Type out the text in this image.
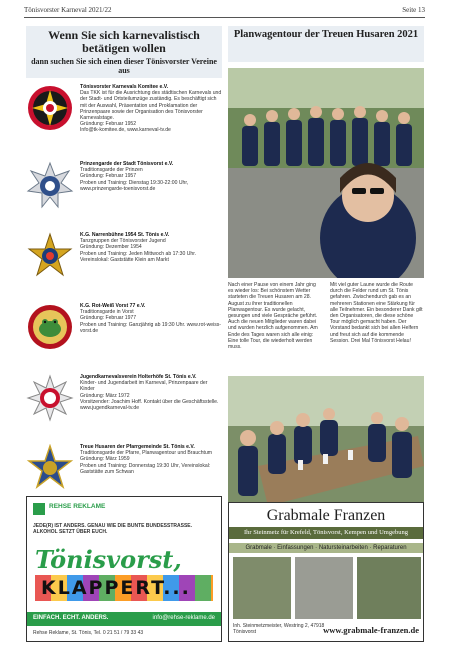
Tönisvorster Karneval 2021/22	Seite 13
Wenn Sie sich karnevalistisch betätigen wollen
dann suchen Sie sich einen dieser Tönisvorster Vereine aus
Tönisvorster Karnevals Komitee e.V.
Das TKK ist für die Ausrichtung des städtischen Karnevals und der Stadt- und Ortsteilumzüge zuständig. Es beschäftigt sich mit der Auswahl, Präsentation und Proklamation der Prinzenpaare sowie der Organisation des Tönisvorster Karnevalstage.
Gründung: Februar 1952
Info@tk-komitee.de, www.karneval-tv.de
Prinzengarde der Stadt Tönisvorst e.V.
Traditionsgarde der Prinzen
Gründung: Februar 1957
Proben und Training: Dienstag 19:30-22:00 Uhr, www.prinzengarde-toenisvorst.de
K.G. Narrenbühne 1954 St. Tönis e.V.
Tanzgruppen der Tönisvorster Jugend
Gründung: Dezember 1954
Proben und Training: Jeden Mittwoch ab 17:30 Uhr. Vereinslokal: Gaststätte Klein am Markt
K.G. Rot-Weiß Vorst 77 e.V.
Traditionsgarde in Vorst
Gründung: Februar 1977
Proben und Training: Ganzjährig ab 19:30 Uhr. www.rot-weiss-vorst.de
Jugendkarnevalsverein Holterhöfe St. Tönis e.V.
Kinder- und Jugendarbeit im Karneval, Prinzenpaare der Kinder
Gründung: März 1972
Vorsitzender: Joachim Hoff. Kontakt über die Geschäftsstelle. www.jugendkarneval-tv.de
Treue Husaren der Pfarrgemeinde St. Tönis e.V.
Traditionsgarde der Pfarre, Planwagentour und Brauchtum
Gründung: März 1959
Proben und Training: Donnerstag 19:30 Uhr, Vereinslokal: Gaststätte zum Schwan
Planwagentour der Treuen Husaren 2021
Nach einer Pause von einem Jahr ging es wieder los: Bei schönstem Wetter starteten die Treuen Husaren am 28. August zu ihrer traditionellen Planwagentour. Es wurde gelacht, gesungen und viele Gespräche geführt. Auch die neuen Mitglieder waren dabei und wurden herzlich aufgenommen. Am Ende des Tages waren sich alle einig: Eine tolle Tour, die wiederholt werden muss.
Mit viel guter Laune wurde die Route durch die Felder rund um St. Tönis gefahren. Zwischendurch gab es an mehreren Stationen eine Stärkung für alle Teilnehmer. Ein besonderer Dank gilt den Organisatoren, die diese schöne Tour möglich gemacht haben. Der Vorstand bedankt sich bei allen Helfern und freut sich auf die kommende Session. Drei Mal Tönisvorst Helau!
REHSE REKLAME
JEDE(R) IST ANDERS. GENAU WIE DIE BUNTE BUNDESSTRASSE. ALKOHOL SETZT ÜBER EUCH.
Tönisvorst,
KLAPPERT...
EINFACH. ECHT. ANDERS.	info@rehse-reklame.de
Rehse Reklame, St. Tönis, Tel. 0 21 51 / 79 33 43
Grabmale Franzen
Ihr Steinmetz für Krefeld, Tönisvorst, Kempen und Umgebung
Grabmale · Einfassungen · Natursteinarbeiten · Reparaturen
Inh. Steinmetzmeister, Westring 2, 47918 Tönisvorst	www.grabmale-franzen.de
